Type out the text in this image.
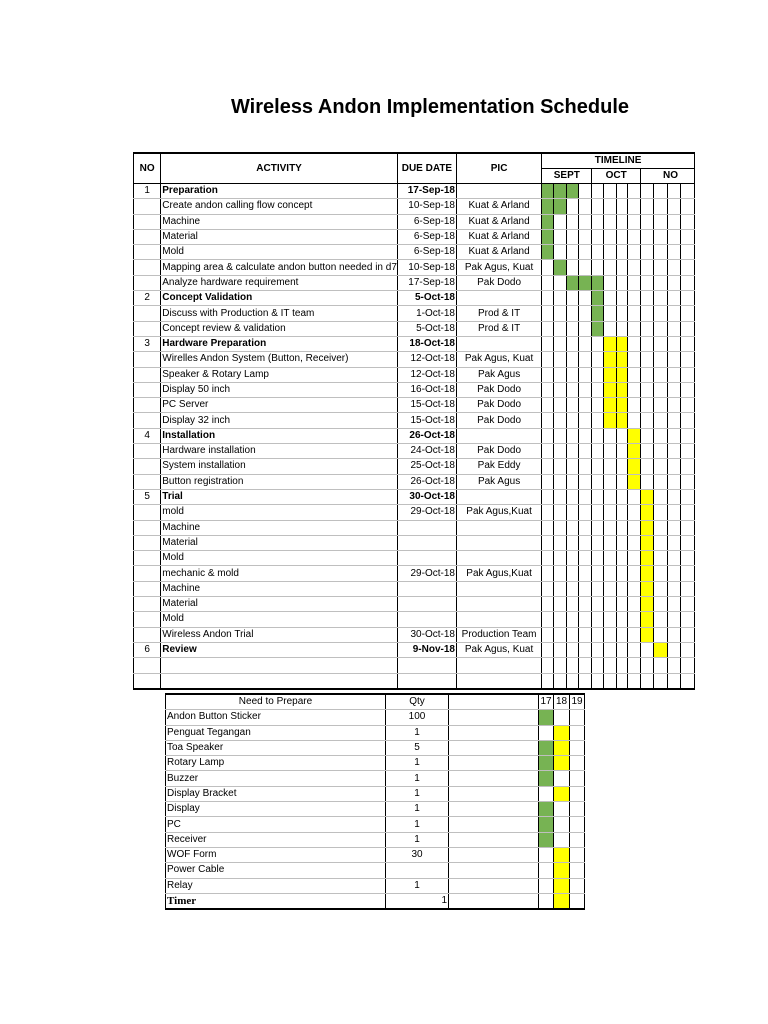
Wireless Andon Implementation Schedule
NO	ACTIVITY	DUE DATE	PIC	TIMELINE											
				SEPT				OCT				NO			
1	Preparation	17-Sep-18													
	Create andon calling flow concept	10-Sep-18	Kuat & Arland												
	Machine	6-Sep-18	Kuat & Arland												
	Material	6-Sep-18	Kuat & Arland												
	Mold	6-Sep-18	Kuat & Arland												
	Mapping area & calculate andon button needed in d7	10-Sep-18	Pak Agus, Kuat												
	Analyze hardware requirement	17-Sep-18	Pak Dodo												
2	Concept Validation	5-Oct-18													
	Discuss with Production & IT team	1-Oct-18	Prod & IT												
	Concept review & validation	5-Oct-18	Prod & IT												
3	Hardware Preparation	18-Oct-18													
	Wirelles Andon System (Button, Receiver)	12-Oct-18	Pak Agus, Kuat												
	Speaker & Rotary Lamp	12-Oct-18	Pak Agus												
	Display 50 inch	16-Oct-18	Pak Dodo												
	PC Server	15-Oct-18	Pak Dodo												
	Display 32 inch	15-Oct-18	Pak Dodo												
4	Installation	26-Oct-18													
	Hardware installation	24-Oct-18	Pak Dodo												
	System installation	25-Oct-18	Pak Eddy												
	Button registration	26-Oct-18	Pak Agus												
5	Trial	30-Oct-18													
	mold	29-Oct-18	Pak Agus,Kuat												
	Machine														
	Material														
	Mold														
	mechanic & mold	29-Oct-18	Pak Agus,Kuat												
	Machine														
	Material														
	Mold														
	Wireless Andon Trial	30-Oct-18	Production Team												
6	Review	9-Nov-18	Pak Agus, Kuat												

Need to Prepare	Qty		17	18	19
Andon Button Sticker	100				
Penguat Tegangan	1				
Toa Speaker	5				
Rotary Lamp	1				
Buzzer	1				
Display Bracket	1				
Display	1				
PC	1				
Receiver	1				
WOF Form	30				
Power Cable					
Relay	1				
Timer	1				
